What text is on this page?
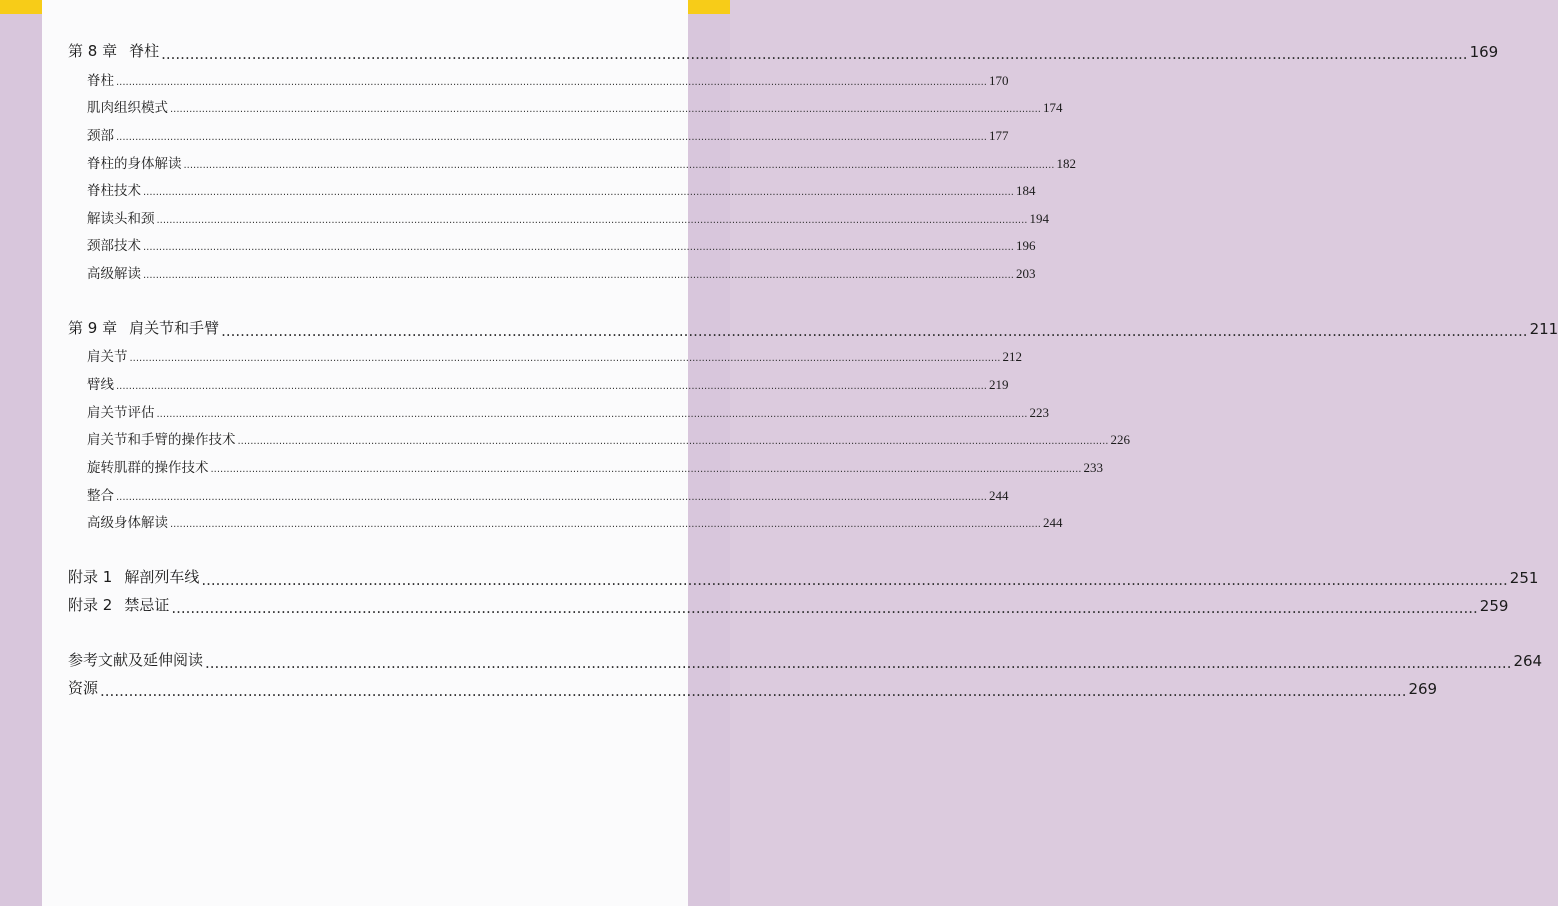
第 8 章 脊柱 .................................................................................................................................................................................................................................................................................. 169
脊柱 .................................................................................................................................................................................................................................................................................. 170
肌肉组织模式 .................................................................................................................................................................................................................................................................................. 174
颈部 .................................................................................................................................................................................................................................................................................. 177
脊柱的身体解读 .................................................................................................................................................................................................................................................................................. 182
脊柱技术 .................................................................................................................................................................................................................................................................................. 184
解读头和颈 .................................................................................................................................................................................................................................................................................. 194
颈部技术 .................................................................................................................................................................................................................................................................................. 196
高级解读 .................................................................................................................................................................................................................................................................................. 203
第 9 章 肩关节和手臂 .................................................................................................................................................................................................................................................................................. 211
肩关节 .................................................................................................................................................................................................................................................................................. 212
臂线 .................................................................................................................................................................................................................................................................................. 219
肩关节评估 .................................................................................................................................................................................................................................................................................. 223
肩关节和手臂的操作技术 .................................................................................................................................................................................................................................................................................. 226
旋转肌群的操作技术 .................................................................................................................................................................................................................................................................................. 233
整合 .................................................................................................................................................................................................................................................................................. 244
高级身体解读 .................................................................................................................................................................................................................................................................................. 244
附录 1 解剖列车线 .................................................................................................................................................................................................................................................................................. 251
附录 2 禁忌证 .................................................................................................................................................................................................................................................................................. 259
参考文献及延伸阅读 .................................................................................................................................................................................................................................................................................. 264
资源 .................................................................................................................................................................................................................................................................................. 269
